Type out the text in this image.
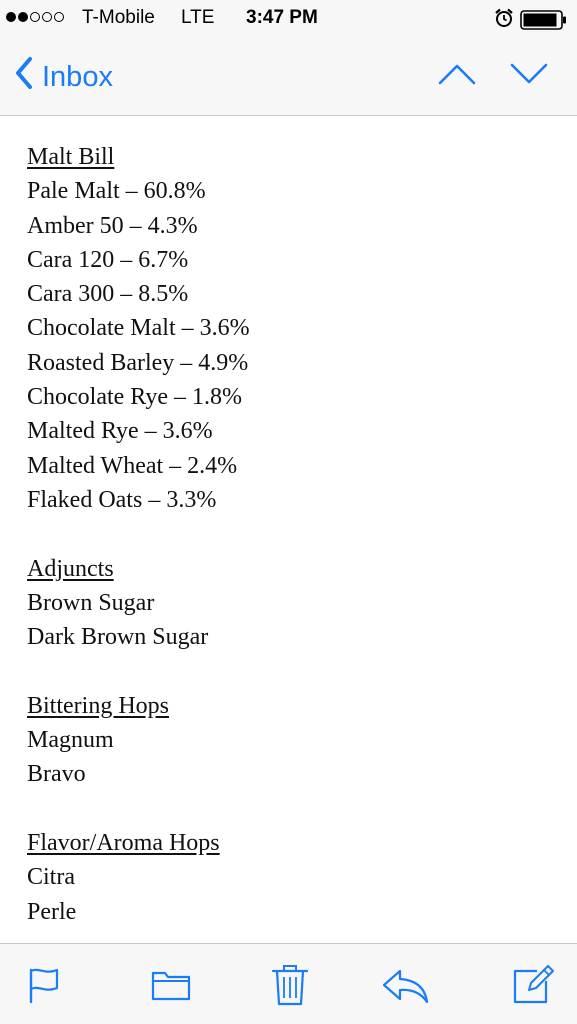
T-Mobile LTE 3:47 PM
Inbox
Malt Bill
Pale Malt – 60.8%
Amber 50 – 4.3%
Cara 120 – 6.7%
Cara 300 – 8.5%
Chocolate Malt – 3.6%
Roasted Barley – 4.9%
Chocolate Rye – 1.8%
Malted Rye – 3.6%
Malted Wheat – 2.4%
Flaked Oats – 3.3%
Adjuncts
Brown Sugar
Dark Brown Sugar
Bittering Hops
Magnum
Bravo
Flavor/Aroma Hops
Citra
Perle
